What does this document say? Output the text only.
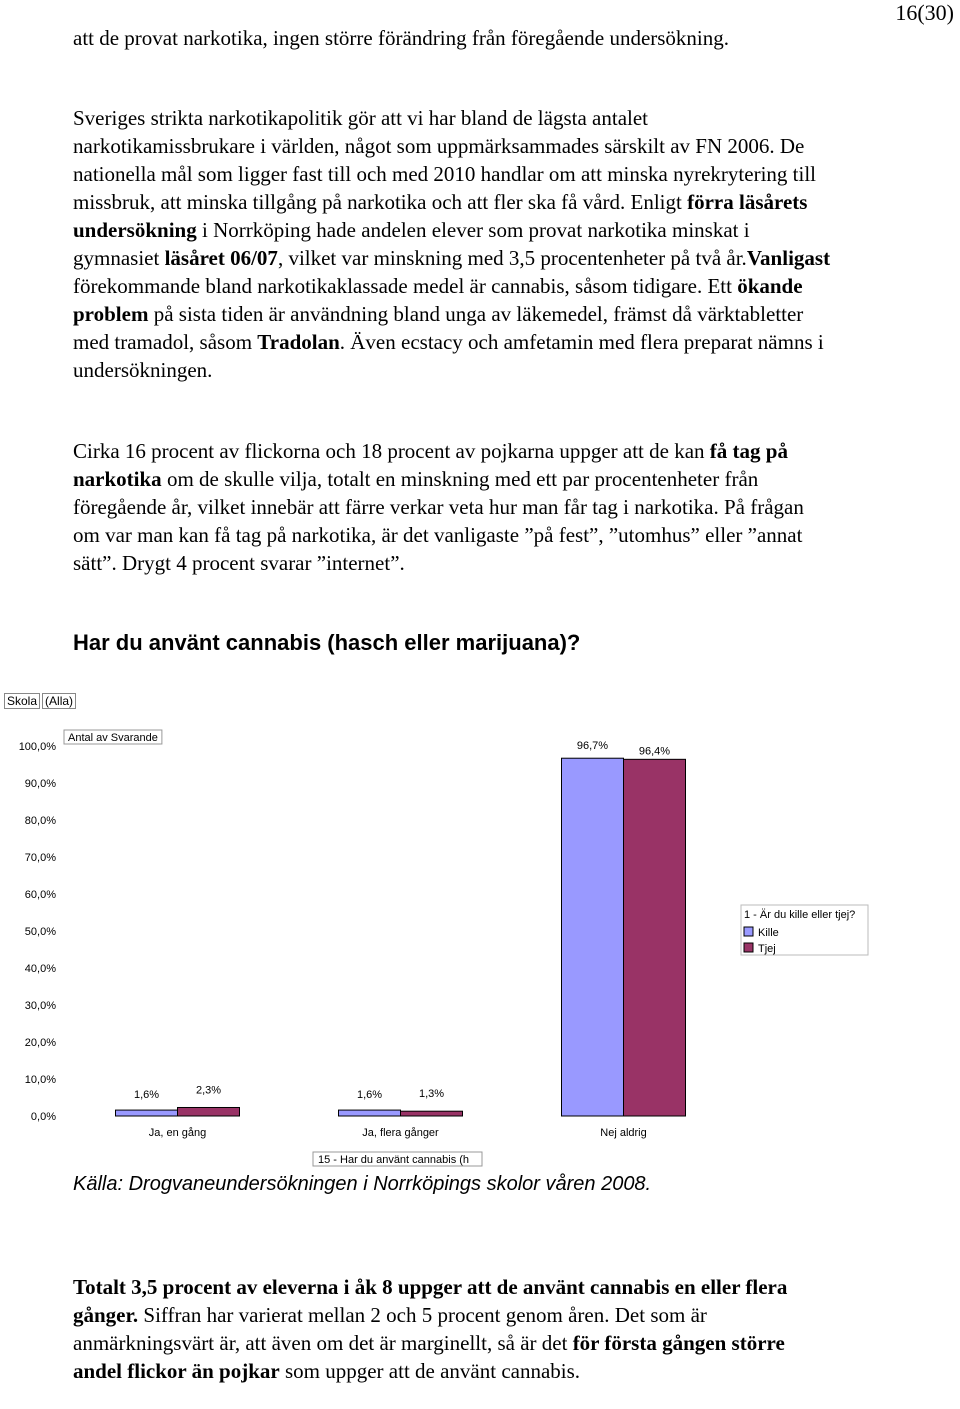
16(30)

att de provat narkotika, ingen större förändring från föregående undersökning.

Sveriges strikta narkotikapolitik gör att vi har bland de lägsta antalet narkotikamissbrukare i världen, något som uppmärksammades särskilt av FN 2006. De nationella mål som ligger fast till och med 2010 handlar om att minska nyrekrytering till missbruk, att minska tillgång på narkotika och att fler ska få vård. Enligt förra läsårets undersökning i Norrköping hade andelen elever som provat narkotika minskat i gymnasiet läsåret 06/07, vilket var minskning med 3,5 procentenheter på två år.Vanligast förekommande bland narkotikaklassade medel är cannabis, såsom tidigare. Ett ökande problem på sista tiden är användning bland unga av läkemedel, främst då värktabletter med tramadol, såsom Tradolan. Även ecstacy och amfetamin med flera preparat nämns i undersökningen.

Cirka 16 procent av flickorna och 18 procent av pojkarna uppger att de kan få tag på narkotika om de skulle vilja, totalt en minskning med ett par procentenheter från föregående år, vilket innebär att färre verkar veta hur man får tag i narkotika. På frågan om var man kan få tag på narkotika, är det vanligaste ”på fest”, ”utomhus” eller ”annat sätt”. Drygt 4 procent svarar ”internet”.

Har du använt cannabis (hasch eller marijuana)?
Skola (Alla)
0,0%
10,0%
20,0%
30,0%
40,0%
50,0%
60,0%
70,0%
80,0%
90,0%
100,0%
Antal av Svarande
1,6%	2,3%
Ja, en gång
1,6%	1,3%
Ja, flera gånger
96,7%	96,4%
Nej aldrig
15 - Har du använt cannabis (h
1 - Är du kille eller tjej?
Kille
Tjej

Källa: Drogvaneundersökningen i Norrköpings skolor våren 2008.

Totalt 3,5 procent av eleverna i åk 8 uppger att de använt cannabis en eller flera gånger. Siffran har varierat mellan 2 och 5 procent genom åren. Det som är anmärkningsvärt är, att även om det är marginellt, så är det för första gången större andel flickor än pojkar som uppger att de använt cannabis.
